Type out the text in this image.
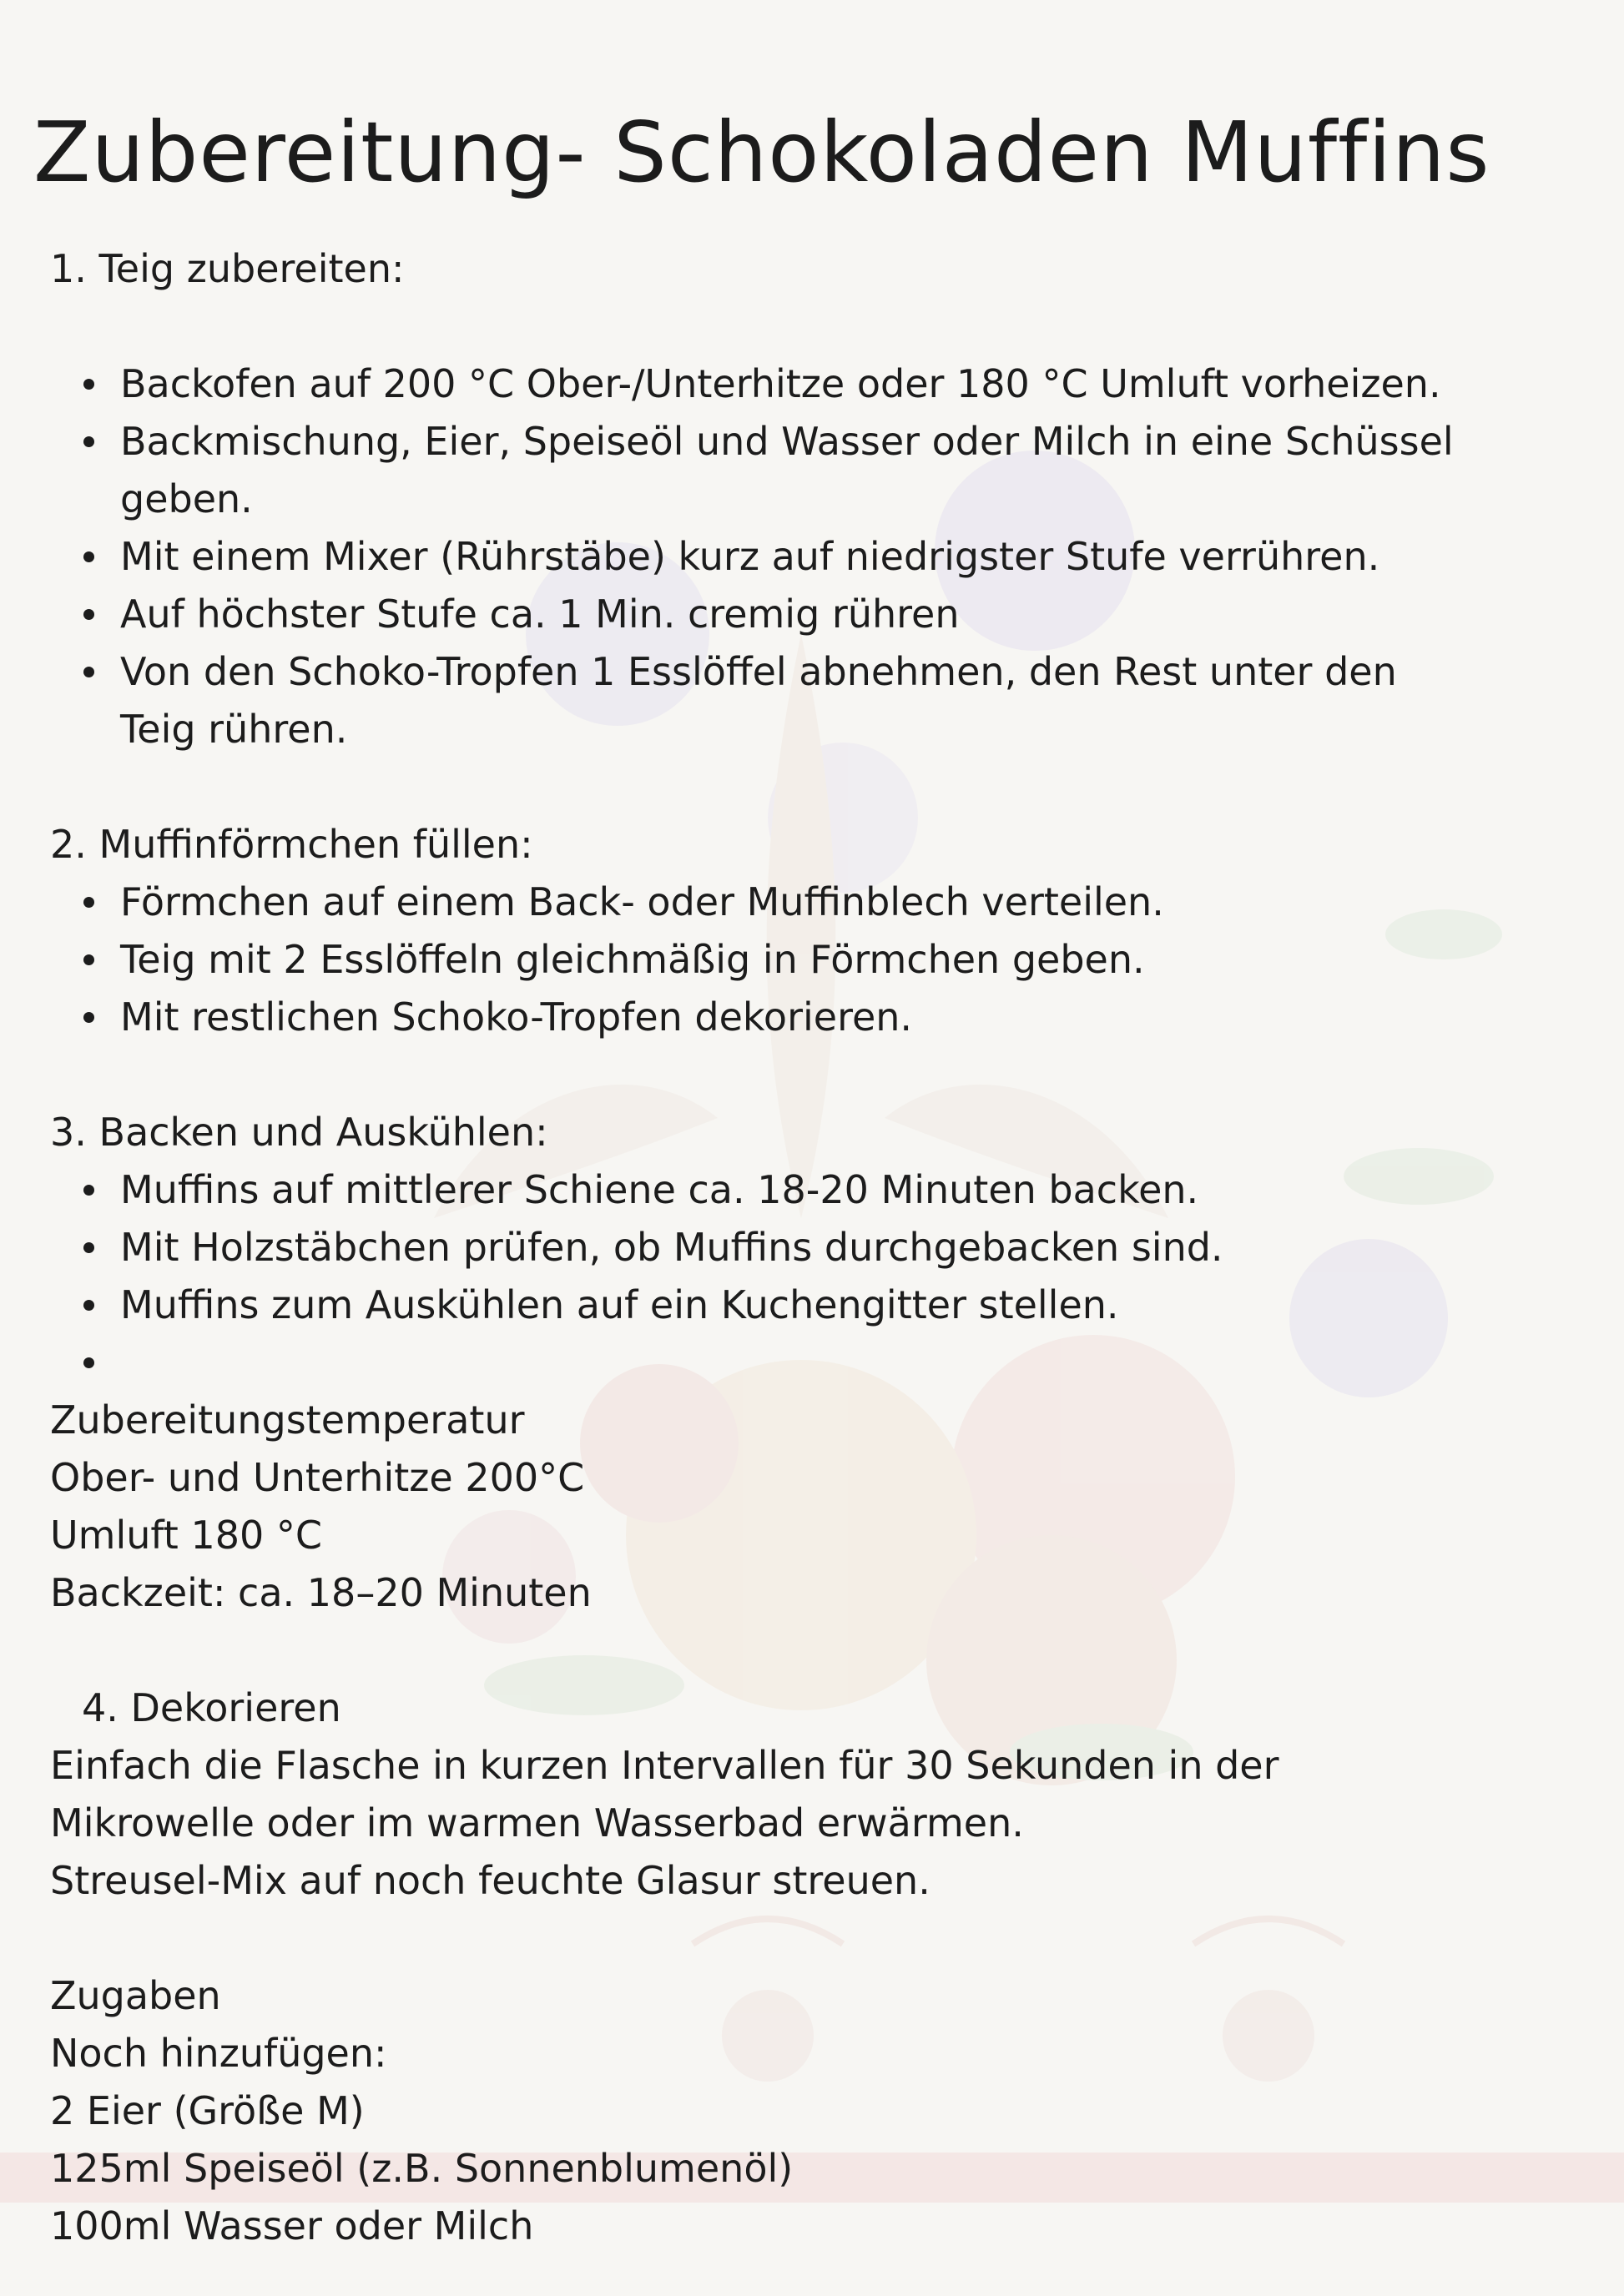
Zubereitung- Schokoladen Muffins

1. Teig zubereiten:

Backofen auf 200 °C Ober-/Unterhitze oder 180 °C Umluft vorheizen.
Backmischung, Eier, Speiseöl und Wasser oder Milch in eine Schüssel

geben.

Mit einem Mixer (Rührstäbe) kurz auf niedrigster Stufe verrühren.
Auf höchster Stufe ca. 1 Min. cremig rühren
Von den Schoko-Tropfen 1 Esslöffel abnehmen, den Rest unter den

Teig rühren.

2. Muffinförmchen füllen:

Förmchen auf einem Back- oder Muffinblech verteilen.
Teig mit 2 Esslöffeln gleichmäßig in Förmchen geben.
Mit restlichen Schoko-Tropfen dekorieren.

3. Backen und Auskühlen:

Muffins auf mittlerer Schiene ca. 18-20 Minuten backen.
Mit Holzstäbchen prüfen, ob Muffins durchgebacken sind.
Muffins zum Auskühlen auf ein Kuchengitter stellen.

Zubereitungstemperatur

Ober- und Unterhitze 200°C

Umluft 180 °C

Backzeit: ca. 18–20 Minuten

4. Dekorieren

Einfach die Flasche in kurzen Intervallen für 30 Sekunden in der

Mikrowelle oder im warmen Wasserbad erwärmen.

Streusel-Mix auf noch feuchte Glasur streuen.

Zugaben

Noch hinzufügen:

2 Eier (Größe M)

125ml Speiseöl (z.B. Sonnenblumenöl)

100ml Wasser oder Milch
